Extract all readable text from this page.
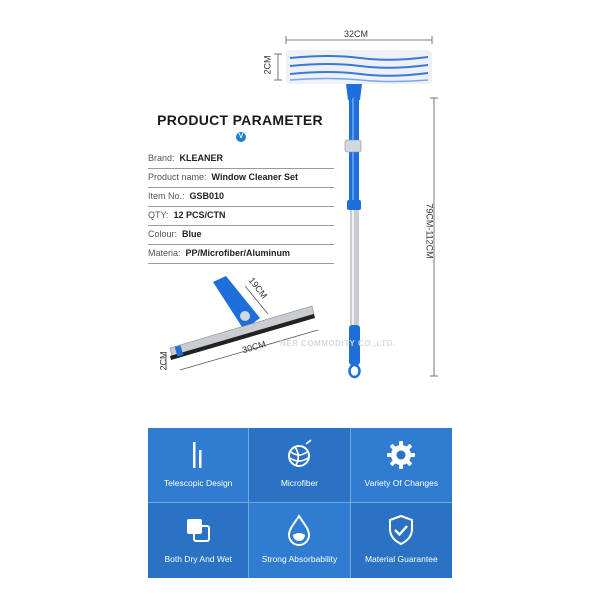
PRODUCT PARAMETER
V
Brand: KLEANER
Product name: Window Cleaner Set
Item No.: GSB010
QTY: 12 PCS/CTN
Colour: Blue
Materia: PP/Microfiber/Aluminum
32CM
2CM
79CM-112CM
19CM
30CM
2CM
NER COMMODITY CO.,LTD.
Telescopic Design	Microfiber	Variety Of Changes
Both Dry And Wet	Strong Absorbability	Material Guarantee
